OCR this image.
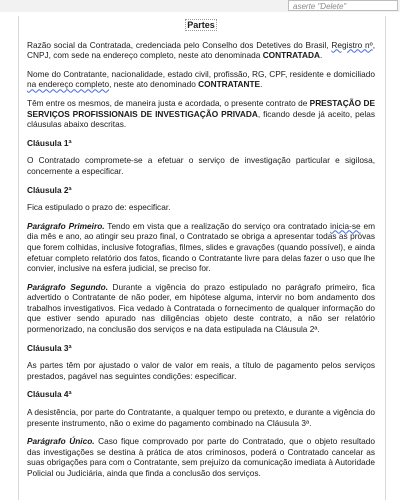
aserte "Delete"
Partes

Razão social da Contratada, credenciada pelo Conselho dos Detetives do Brasil, Registro nº, CNPJ, com sede na endereço completo, neste ato denominada CONTRATADA.

Nome do Contratante, nacionalidade, estado civil, profissão, RG, CPF, residente e domiciliado na endereço completo, neste ato denominado CONTRATANTE.

Têm entre os mesmos, de maneira justa e acordada, o presente contrato de PRESTAÇÃO DE SERVIÇOS PROFISSIONAIS DE INVESTIGAÇÃO PRIVADA, ficando desde já aceito, pelas cláusulas abaixo descritas.

Cláusula 1ª

O Contratado compromete-se a efetuar o serviço de investigação particular e sigilosa, concernente a especificar.

Cláusula 2ª

Fica estipulado o prazo de: especificar.

Parágrafo Primeiro. Tendo em vista que a realização do serviço ora contratado inicia-se em dia mês e ano, ao atingir seu prazo final, o Contratado se obriga a apresentar todas as provas que forem colhidas, inclusive fotografias, filmes, slides e gravações (quando possível), e ainda efetuar completo relatório dos fatos, ficando o Contratante livre para delas fazer o uso que lhe convier, inclusive na esfera judicial, se preciso for.

Parágrafo Segundo. Durante a vigência do prazo estipulado no parágrafo primeiro, fica advertido o Contratante de não poder, em hipótese alguma, intervir no bom andamento dos trabalhos investigativos. Fica vedado à Contratada o fornecimento de qualquer informação do que estiver sendo apurado nas diligências objeto deste contrato, a não ser relatório pormenorizado, na conclusão dos serviços e na data estipulada na Cláusula 2ª.

Cláusula 3ª

As partes têm por ajustado o valor de valor em reais, a título de pagamento pelos serviços prestados, pagável nas seguintes condições: especificar.

Cláusula 4ª

A desistência, por parte do Contratante, a qualquer tempo ou pretexto, e durante a vigência do presente instrumento, não o exime do pagamento combinado na Cláusula 3ª.

Parágrafo Único. Caso fique comprovado por parte do Contratado, que o objeto resultado das investigações se destina à prática de atos criminosos, poderá o Contratado cancelar as suas obrigações para com o Contratante, sem prejuízo da comunicação imediata à Autoridade Policial ou Judiciária, ainda que finda a conclusão dos serviços.
